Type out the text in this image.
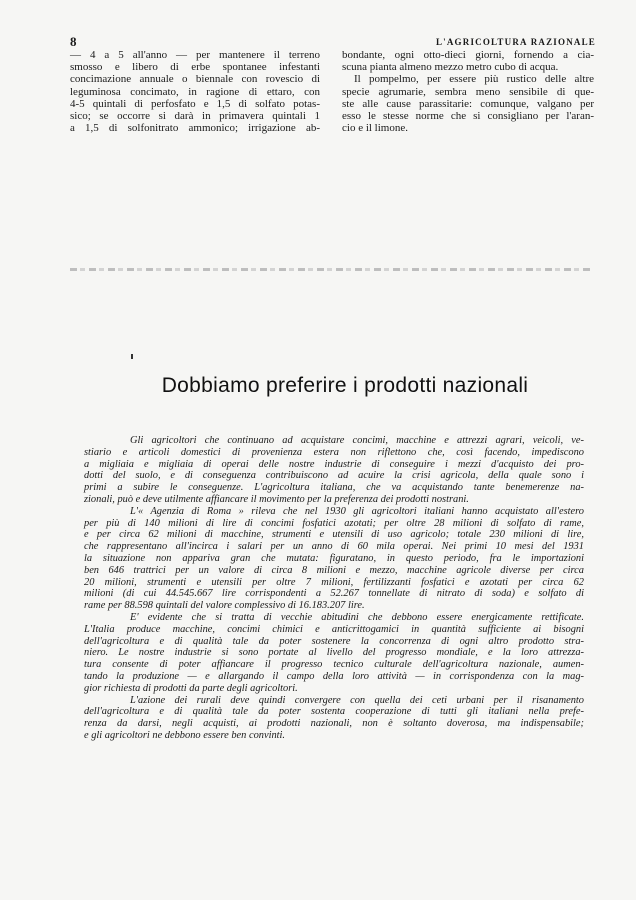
8	L'AGRICOLTURA RAZIONALE
— 4 a 5 all'anno — per mantenere il terreno
smosso e libero di erbe spontanee infestanti
concimazione annuale o biennale con rovescio di
leguminosa concimato, in ragione di ettaro, con
4-5 quintali di perfosfato e 1,5 di solfato potas-
sico; se occorre si darà in primavera quintali 1
a 1,5 di solfonitrato ammonico; irrigazione ab-
bondante, ogni otto-dieci giorni, fornendo a cia-
scuna pianta almeno mezzo metro cubo di acqua.
Il pompelmo, per essere più rustico delle altre
specie agrumarie, sembra meno sensibile di que-
ste alle cause parassitarie: comunque, valgano per
esso le stesse norme che si consigliano per l'aran-
cio e il limone.
Dobbiamo preferire i prodotti nazionali
Gli agricoltori che continuano ad acquistare concimi, macchine e attrezzi agrari, veicoli, ve-
stiario e articoli domestici di provenienza estera non riflettono che, così facendo, impediscono
a migliaia e migliaia di operai delle nostre industrie di conseguire i mezzi d'acquisto dei pro-
dotti del suolo, e di conseguenza contribuiscono ad acuire la crisi agricola, della quale sono i
primi a subire le conseguenze. L'agricoltura italiana, che va acquistando tante benemerenze na-
zionali, può e deve utilmente affiancare il movimento per la preferenza dei prodotti nostrani.
L'« Agenzia di Roma » rileva che nel 1930 gli agricoltori italiani hanno acquistato all'estero
per più di 140 milioni di lire di concimi fosfatici azotati; per oltre 28 milioni di solfato di rame,
e per circa 62 milioni di macchine, strumenti e utensili di uso agricolo; totale 230 milioni di lire,
che rappresentano all'incirca i salari per un anno di 60 mila operai. Nei primi 10 mesi del 1931
la situazione non appariva gran che mutata: figuratano, in questo periodo, fra le importazioni
ben 646 trattrici per un valore di circa 8 milioni e mezzo, macchine agricole diverse per circa
20 milioni, strumenti e utensili per oltre 7 milioni, fertilizzanti fosfatici e azotati per circa 62
milioni (di cui 44.545.667 lire corrispondenti a 52.267 tonnellate di nitrato di soda) e solfato di
rame per 88.598 quintali del valore complessivo di 16.183.207 lire.
E' evidente che si tratta di vecchie abitudini che debbono essere energicamente rettificate.
L'Italia produce macchine, concimi chimici e anticrittogamici in quantità sufficiente ai bisogni
dell'agricoltura e di qualità tale da poter sostenere la concorrenza di ogni altro prodotto stra-
niero. Le nostre industrie si sono portate al livello del progresso mondiale, e la loro attrezza-
tura consente di poter affiancare il progresso tecnico culturale dell'agricoltura nazionale, aumen-
tando la produzione — e allargando il campo della loro attività — in corrispondenza con la mag-
gior richiesta di prodotti da parte degli agricoltori.
L'azione dei rurali deve quindi convergere con quella dei ceti urbani per il risanamento
dell'agricoltura e di qualità tale da poter sostenta cooperazione di tutti gli italiani nella prefe-
renza da darsi, negli acquisti, ai prodotti nazionali, non è soltanto doverosa, ma indispensabile;
e gli agricoltori ne debbono essere ben convinti.
